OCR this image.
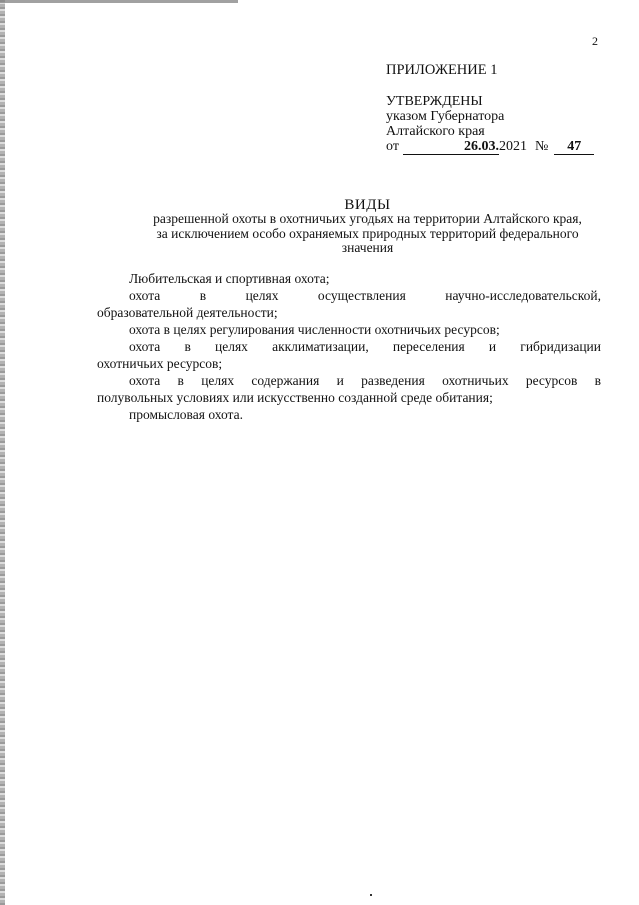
2
ПРИЛОЖЕНИЕ 1
УТВЕРЖДЕНЫ
указом Губернатора
Алтайского края
от	26.03. 2021 №	47
ВИДЫ
разрешенной охоты в охотничьих угодьях на территории Алтайского края, за исключением особо охраняемых природных территорий федерального значения
Любительская и спортивная охота;
охота в целях осуществления научно-исследовательской,
образовательной деятельности;
охота в целях регулирования численности охотничьих ресурсов;
охота в целях акклиматизации, переселения и гибридизации
охотничьих ресурсов;
охота в целях содержания и разведения охотничьих ресурсов в
полувольных условиях или искусственно созданной среде обитания;
промысловая охота.
